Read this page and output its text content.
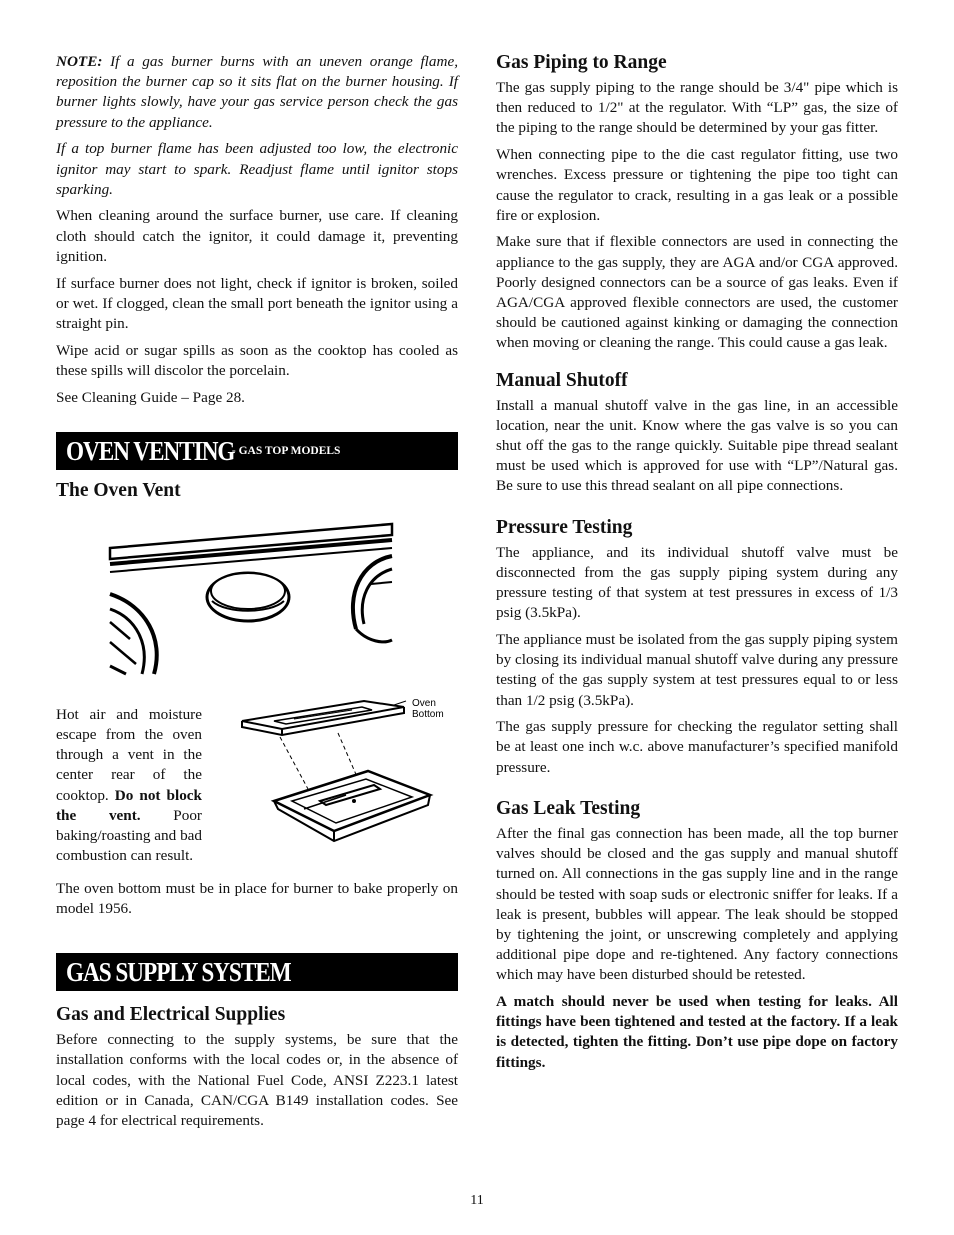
NOTE: If a gas burner burns with an uneven orange flame, reposition the burner cap so it sits flat on the burner housing. If burner lights slowly, have your gas service person check the gas pressure to the appliance.

If a top burner flame has been adjusted too low, the electronic ignitor may start to spark. Readjust flame until ignitor stops sparking.

When cleaning around the surface burner, use care. If cleaning cloth should catch the ignitor, it could damage it, preventing ignition.

If surface burner does not light, check if ignitor is broken, soiled or wet. If clogged, clean the small port beneath the ignitor using a straight pin.

Wipe acid or sugar spills as soon as the cooktop has cooled as these spills will discolor the porcelain.

See Cleaning Guide – Page 28.

OVEN VENTING
- GAS TOP MODELS
The Oven Vent
Hot air and moisture escape from the oven through a vent in the center rear of the cooktop. Do not block the vent. Poor baking/roasting and bad combustion can result.
Oven
Bottom

The oven bottom must be in place for burner to bake properly on model 1956.

GAS SUPPLY SYSTEM
Gas and Electrical Supplies

Before connecting to the supply systems, be sure that the installation conforms with the local codes or, in the absence of local codes, with the National Fuel Code, ANSI Z223.1 latest edition or in Canada, CAN/CGA B149 installation codes. See page 4 for electrical requirements.

Gas Piping to Range

The gas supply piping to the range should be 3/4" pipe which is then reduced to 1/2" at the regulator. With “LP” gas, the size of the piping to the range should be determined by your gas fitter.

When connecting pipe to the die cast regulator fitting, use two wrenches. Excess pressure or tightening the pipe too tight can cause the regulator to crack, resulting in a gas leak or a possible fire or explosion.

Make sure that if flexible connectors are used in connecting the appliance to the gas supply, they are AGA and/or CGA approved. Poorly designed connectors can be a source of gas leaks. Even if AGA/CGA approved flexible connectors are used, the customer should be cautioned against kinking or damaging the connection when moving or cleaning the range. This could cause a gas leak.

Manual Shutoff

Install a manual shutoff valve in the gas line, in an accessible location, near the unit. Know where the gas valve is so you can shut off the gas to the range quickly. Suitable pipe thread sealant must be used which is approved for use with “LP”/Natural gas. Be sure to use this thread sealant on all pipe connections.

Pressure Testing

The appliance, and its individual shutoff valve must be disconnected from the gas supply piping system during any pressure testing of that system at test pressures in excess of 1/3 psig (3.5kPa).

The appliance must be isolated from the gas supply piping system by closing its individual manual shutoff valve during any pressure testing of the gas supply system at test pressures equal to or less than 1/2 psig (3.5kPa).

The gas supply pressure for checking the regulator setting shall be at least one inch w.c. above manufacturer’s specified manifold pressure.

Gas Leak Testing

After the final gas connection has been made, all the top burner valves should be closed and the gas supply and manual shutoff turned on. All connections in the gas supply line and in the range should be tested with soap suds or electronic sniffer for leaks. If a leak is present, bubbles will appear. The leak should be stopped by tightening the joint, or unscrewing completely and applying additional pipe dope and re-tightened. Any factory connections which may have been disturbed should be retested.

A match should never be used when testing for leaks. All fittings have been tightened and tested at the factory. If a leak is detected, tighten the fitting. Don’t use pipe dope on factory fittings.

11
